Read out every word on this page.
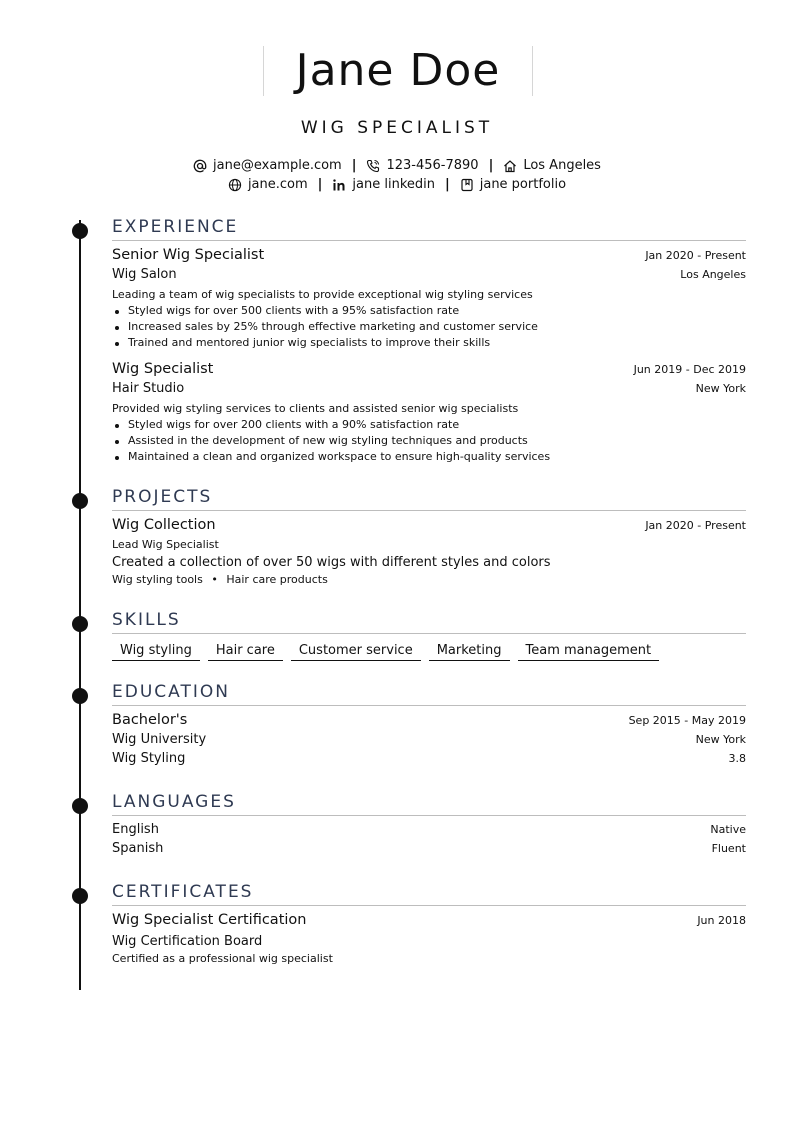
Jane Doe
WIG SPECIALIST
jane@example.com | 123-456-7890 | Los Angeles
jane.com | jane linkedin | jane portfolio
EXPERIENCE
Senior Wig Specialist	Jan 2020 - Present
Wig Salon	Los Angeles
Leading a team of wig specialists to provide exceptional wig styling services
Styled wigs for over 500 clients with a 95% satisfaction rate
Increased sales by 25% through effective marketing and customer service
Trained and mentored junior wig specialists to improve their skills
Wig Specialist	Jun 2019 - Dec 2019
Hair Studio	New York
Provided wig styling services to clients and assisted senior wig specialists
Styled wigs for over 200 clients with a 90% satisfaction rate
Assisted in the development of new wig styling techniques and products
Maintained a clean and organized workspace to ensure high-quality services
PROJECTS
Wig Collection	Jan 2020 - Present
Lead Wig Specialist
Created a collection of over 50 wigs with different styles and colors
Wig styling tools • Hair care products
SKILLS
Wig styling	Hair care	Customer service	Marketing	Team management
EDUCATION
Bachelor's	Sep 2015 - May 2019
Wig University	New York
Wig Styling	3.8
LANGUAGES
English	Native
Spanish	Fluent
CERTIFICATES
Wig Specialist Certification	Jun 2018
Wig Certification Board
Certified as a professional wig specialist
